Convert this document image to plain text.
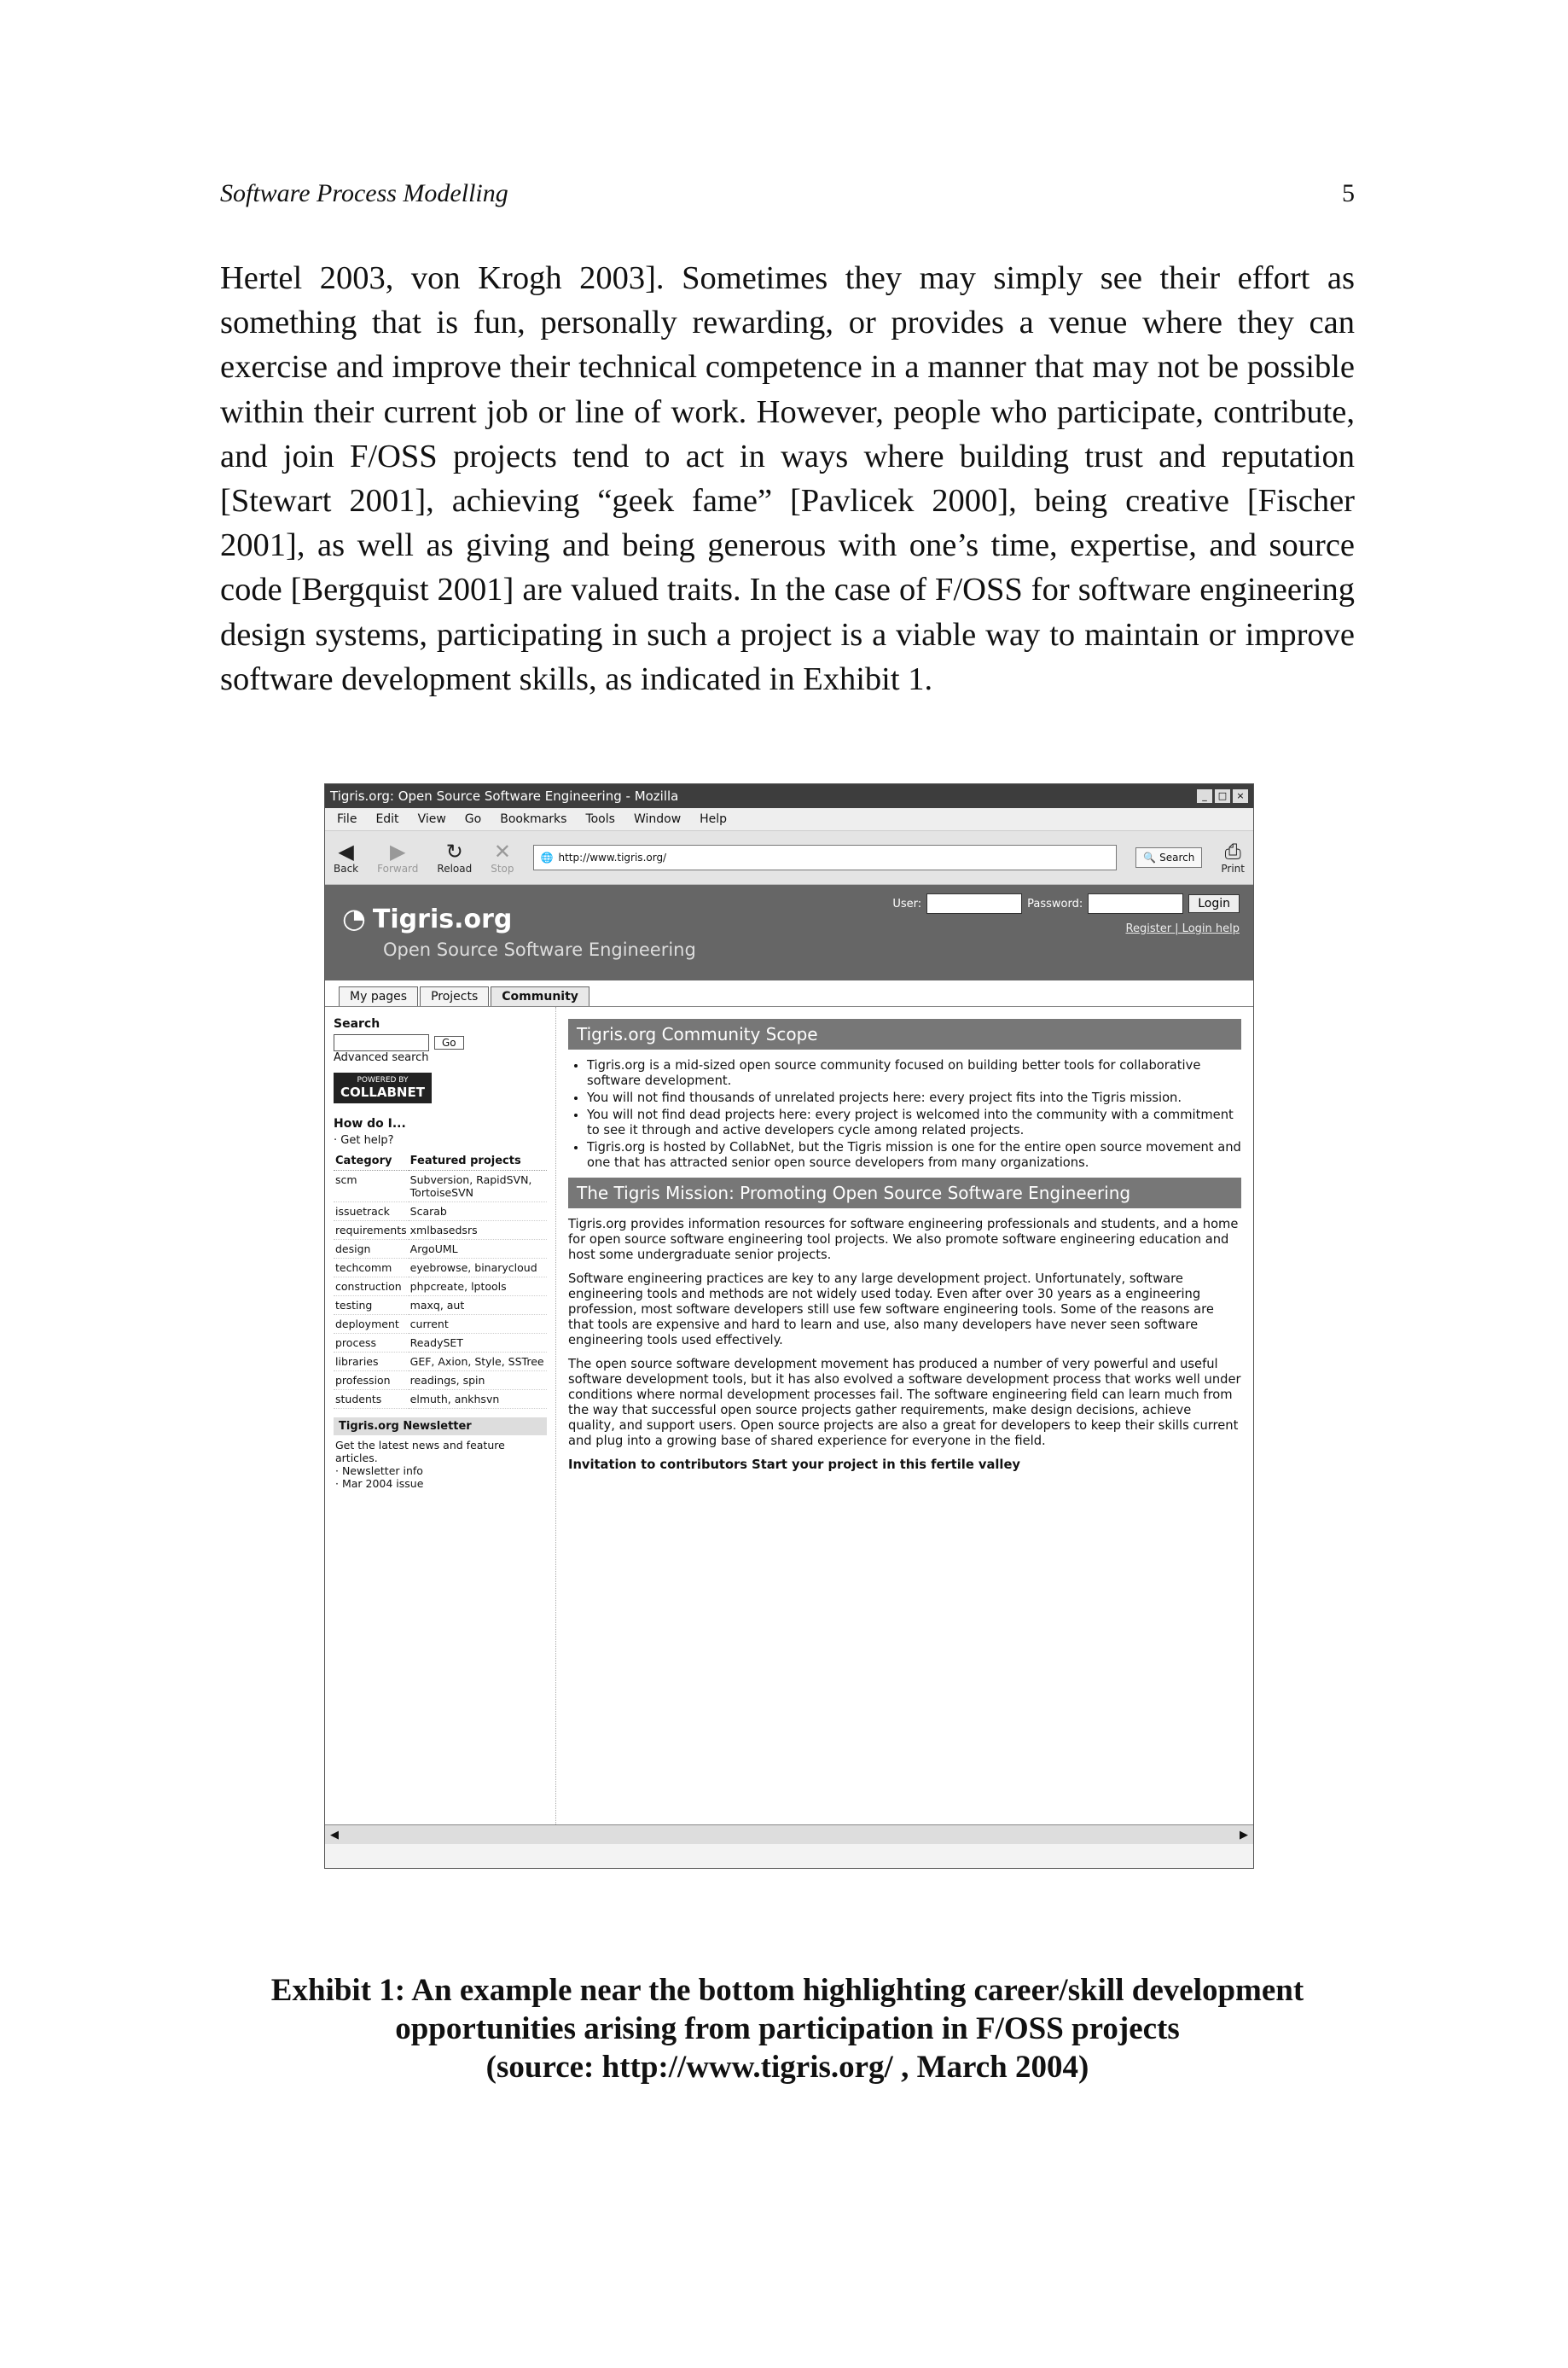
Software Process Modelling	5

Hertel 2003, von Krogh 2003]. Sometimes they may simply see their effort as something that is fun, personally rewarding, or provides a venue where they can exercise and improve their technical competence in a manner that may not be possible within their current job or line of work. However, people who participate, contribute, and join F/OSS projects tend to act in ways where building trust and reputation [Stewart 2001], achieving “geek fame” [Pavlicek 2000], being creative [Fischer 2001], as well as giving and being generous with one’s time, expertise, and source code [Bergquist 2001] are valued traits. In the case of F/OSS for software engineering design systems, participating in such a project is a viable way to maintain or improve software development skills, as indicated in Exhibit 1.

Tigris.org: Open Source Software Engineering - Mozilla	_	□	×
File Edit View Go Bookmarks Tools Window Help
◀
Back
▶
Forward
↻
Reload
✕
Stop
🌐 http://www.tigris.org/	🔍 Search	⎙
Print
◔ Tigris.org
Open Source Software Engineering
User:	Password:	Login
Register | Login help
My pages	Projects	Community
Search
Go
Advanced search
POWERED BY
COLLABNET
How do I...
· Get help?
Category	Featured projects
scm	Subversion, RapidSVN, TortoiseSVN
issuetrack	Scarab
requirements	xmlbasedsrs
design	ArgoUML
techcomm	eyebrowse, binarycloud
construction	phpcreate, lptools
testing	maxq, aut
deployment	current
process	ReadySET
libraries	GEF, Axion, Style, SSTree
profession	readings, spin
students	elmuth, ankhsvn
Tigris.org Newsletter
Get the latest news and feature articles.
· Newsletter info
· Mar 2004 issue
Tigris.org Community Scope
• Tigris.org is a mid-sized open source community focused on building better tools for collaborative software development.
• You will not find thousands of unrelated projects here: every project fits into the Tigris mission.
• You will not find dead projects here: every project is welcomed into the community with a commitment to see it through and active developers cycle among related projects.
• Tigris.org is hosted by CollabNet, but the Tigris mission is one for the entire open source movement and one that has attracted senior open source developers from many organizations.
The Tigris Mission: Promoting Open Source Software Engineering

Tigris.org provides information resources for software engineering professionals and students, and a home for open source software engineering tool projects. We also promote software engineering education and host some undergraduate senior projects.

Software engineering practices are key to any large development project. Unfortunately, software engineering tools and methods are not widely used today. Even after over 30 years as a engineering profession, most software developers still use few software engineering tools. Some of the reasons are that tools are expensive and hard to learn and use, also many developers have never seen software engineering tools used effectively.

The open source software development movement has produced a number of very powerful and useful software development tools, but it has also evolved a software development process that works well under conditions where normal development processes fail. The software engineering field can learn much from the way that successful open source projects gather requirements, make design decisions, achieve quality, and support users. Open source projects are also a great for developers to keep their skills current and plug into a growing base of shared experience for everyone in the field.

Invitation to contributors Start your project in this fertile valley
◀	▶
Exhibit 1: An example near the bottom highlighting career/skill development
opportunities arising from participation in F/OSS projects
(source: http://www.tigris.org/ , March 2004)
